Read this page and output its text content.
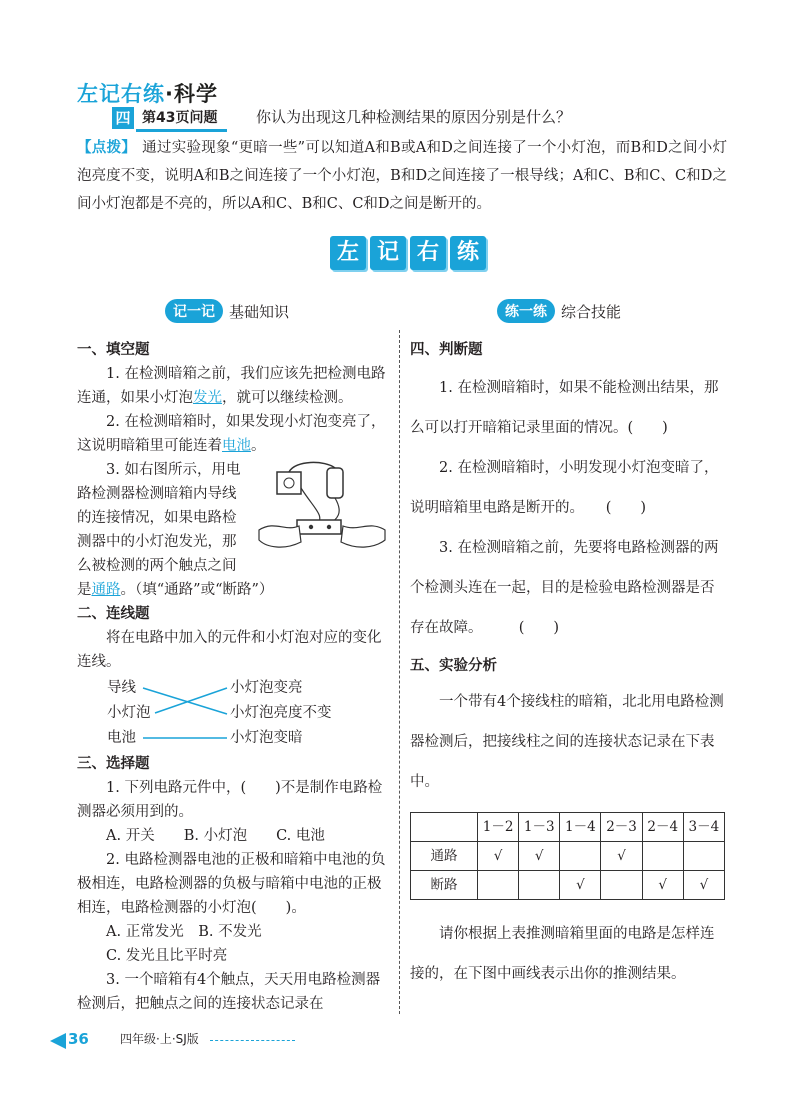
左记右练·科学
四 第43页问题	你认为出现这几种检测结果的原因分别是什么？
【点拨】 通过实验现象“更暗一些”可以知道A和B或A和D之间连接了一个小灯泡，而B和D之间小灯泡亮度不变，说明A和B之间连接了一个小灯泡，B和D之间连接了一根导线；A和C、B和C、C和D之间小灯泡都是不亮的，所以A和C、B和C、C和D之间是断开的。
左 记 右 练
记一记 基础知识	练一练 综合技能

一、填空题

1. 在检测暗箱之前，我们应该先把检测电路连通，如果小灯泡发光，就可以继续检测。

2. 在检测暗箱时，如果发现小灯泡变亮了，这说明暗箱里可能连着电池。

3. 如右图所示，用电路检测器检测暗箱内导线的连接情况，如果电路检测器中的小灯泡发光，那么被检测的两个触点之间是通路。（填“通路”或“断路”）

二、连线题

将在电路中加入的元件和小灯泡对应的变化连线。

导线
小灯泡
电池
小灯泡变亮
小灯泡亮度不变
小灯泡变暗

三、选择题

1. 下列电路元件中，(　　)不是制作电路检测器必须用到的。

A. 开关　　B. 小灯泡　　C. 电池

2. 电路检测器电池的正极和暗箱中电池的负极相连，电路检测器的负极与暗箱中电池的正极相连，电路检测器的小灯泡(　　)。

A. 正常发光　B. 不发光

C. 发光且比平时亮

3. 一个暗箱有4个触点，天天用电路检测器检测后，把触点之间的连接状态记录在

四、判断题

1. 在检测暗箱时，如果不能检测出结果，那么可以打开暗箱记录里面的情况。(　　)

2. 在检测暗箱时，小明发现小灯泡变暗了，说明暗箱里电路是断开的。　　(　　)

3. 在检测暗箱之前，先要将电路检测器的两个检测头连在一起，目的是检验电路检测器是否存在故障。　　　(　　)

五、实验分析

一个带有4个接线柱的暗箱，北北用电路检测器检测后，把接线柱之间的连接状态记录在下表中。

	1－2	1－3	1－4	2－3	2－4	3－4
通路	√	√		√		
断路			√		√	√

请你根据上表推测暗箱里面的电路是怎样连接的，在下图中画线表示出你的推测结果。

36	四年级·上·SJ版
